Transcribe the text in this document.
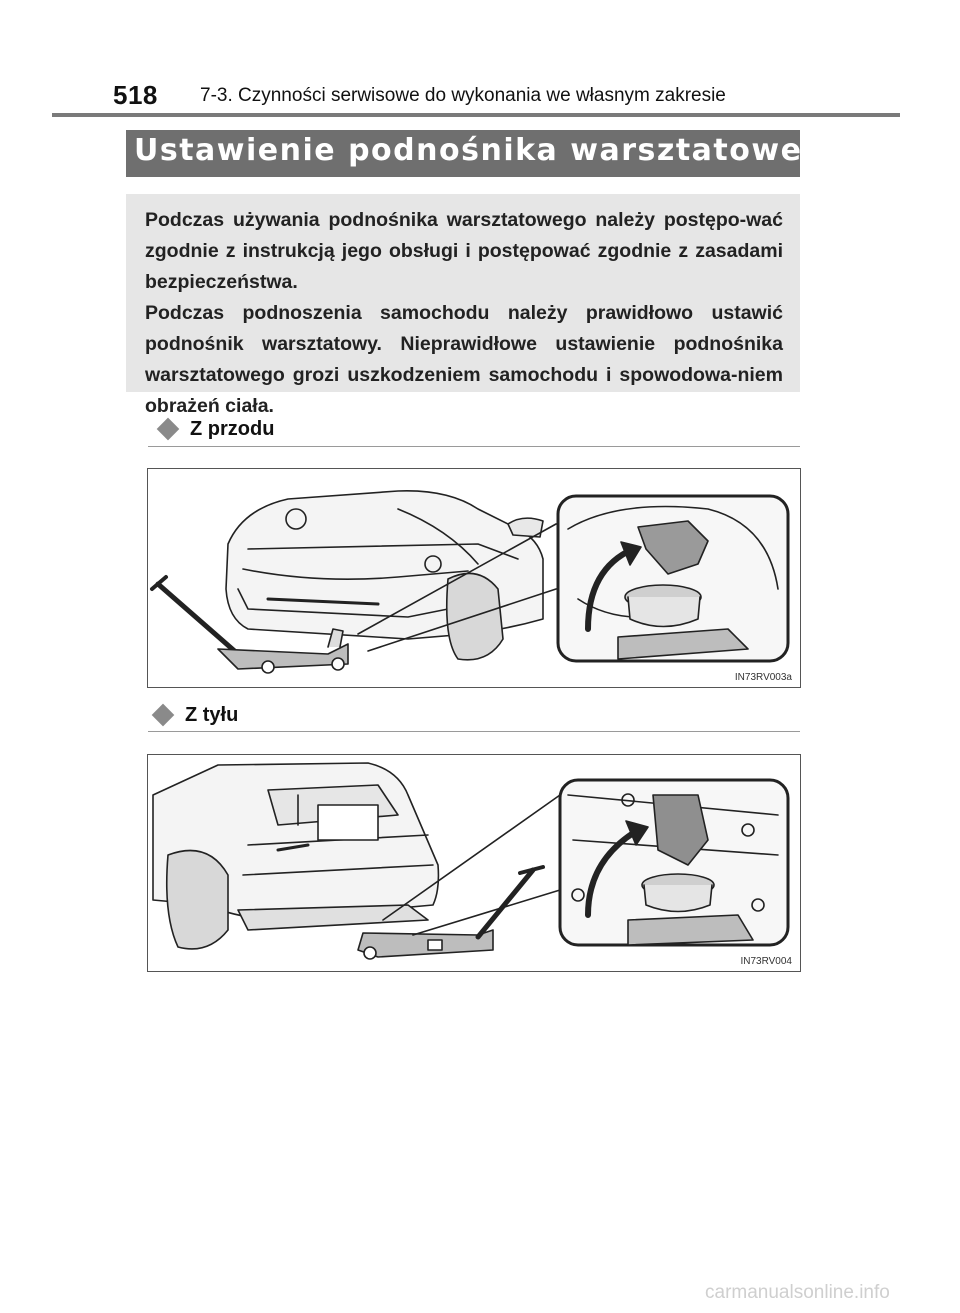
518 7-3. Czynności serwisowe do wykonania we własnym zakresie
Ustawienie podnośnika warsztatowego

Podczas używania podnośnika warsztatowego należy postępo-wać zgodnie z instrukcją jego obsługi i postępować zgodnie z zasadami bezpieczeństwa.

Podczas podnoszenia samochodu należy prawidłowo ustawić podnośnik warsztatowy. Nieprawidłowe ustawienie podnośnika warsztatowego grozi uszkodzeniem samochodu i spowodowa-niem obrażeń ciała.

Z przodu
IN73RV003a
Z tyłu
IN73RV004
carmanualsonline.info
